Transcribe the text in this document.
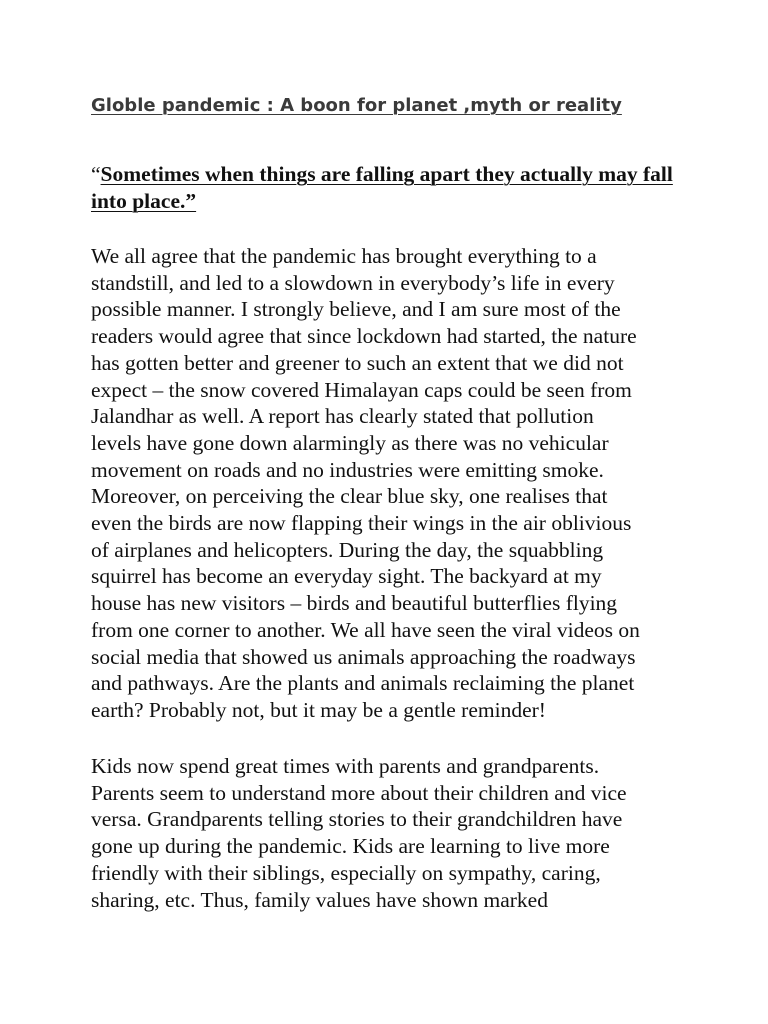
Globle pandemic : A boon for planet ,myth or reality

“Sometimes when things are falling apart they actually may fall into place.”

We all agree that the pandemic has brought everything to a
standstill, and led to a slowdown in everybody’s life in every
possible manner. I strongly believe, and I am sure most of the
readers would agree that since lockdown had started, the nature
has gotten better and greener to such an extent that we did not
expect – the snow covered Himalayan caps could be seen from
Jalandhar as well. A report has clearly stated that pollution
levels have gone down alarmingly as there was no vehicular
movement on roads and no industries were emitting smoke.
Moreover, on perceiving the clear blue sky, one realises that
even the birds are now flapping their wings in the air oblivious
of airplanes and helicopters. During the day, the squabbling
squirrel has become an everyday sight. The backyard at my
house has new visitors – birds and beautiful butterflies flying
from one corner to another. We all have seen the viral videos on
social media that showed us animals approaching the roadways
and pathways. Are the plants and animals reclaiming the planet
earth? Probably not, but it may be a gentle reminder!

Kids now spend great times with parents and grandparents.
Parents seem to understand more about their children and vice
versa. Grandparents telling stories to their grandchildren have
gone up during the pandemic. Kids are learning to live more
friendly with their siblings, especially on sympathy, caring,
sharing, etc. Thus, family values have shown marked
